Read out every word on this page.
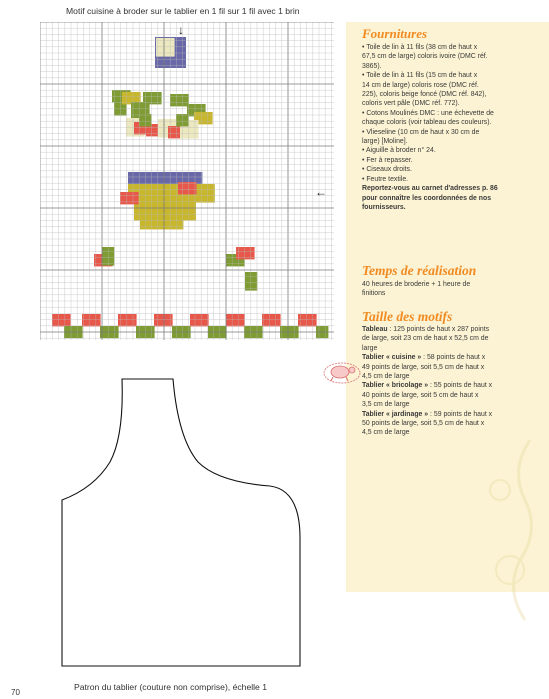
Motif cuisine à broder sur le tablier en 1 fil sur 1 fil avec 1 brin
↓
←
Fournitures
• Toile de lin à 11 fils (38 cm de haut x
67,5 cm de large) coloris ivoire (DMC réf.
3865).
• Toile de lin à 11 fils (15 cm de haut x
14 cm de large) coloris rose (DMC réf.
225), coloris beige foncé (DMC réf. 842),
coloris vert pâle (DMC réf. 772).
• Cotons Moulinés DMC : une échevette de
chaque coloris (voir tableau des couleurs).
• Vlieseline (10 cm de haut x 30 cm de
large) [Moline].
• Aiguille à broder n° 24.
• Fer à repasser.
• Ciseaux droits.
• Feutre textile.
Reportez-vous au carnet d'adresses p. 86
pour connaître les coordonnées de nos
fournisseurs.
Temps de réalisation
40 heures de broderie + 1 heure de
finitions
Taille des motifs
Tableau : 125 points de haut x 287 points
de large, soit 23 cm de haut x 52,5 cm de
large
Tablier « cuisine » : 58 points de haut x
49 points de large, soit 5,5 cm de haut x
4,5 cm de large
Tablier « bricolage » : 55 points de haut x
40 points de large, soit 5 cm de haut x
3,5 cm de large
Tablier « jardinage » : 59 points de haut x
50 points de large, soit 5,5 cm de haut x
4,5 cm de large
Patron du tablier (couture non comprise), échelle 1
70
